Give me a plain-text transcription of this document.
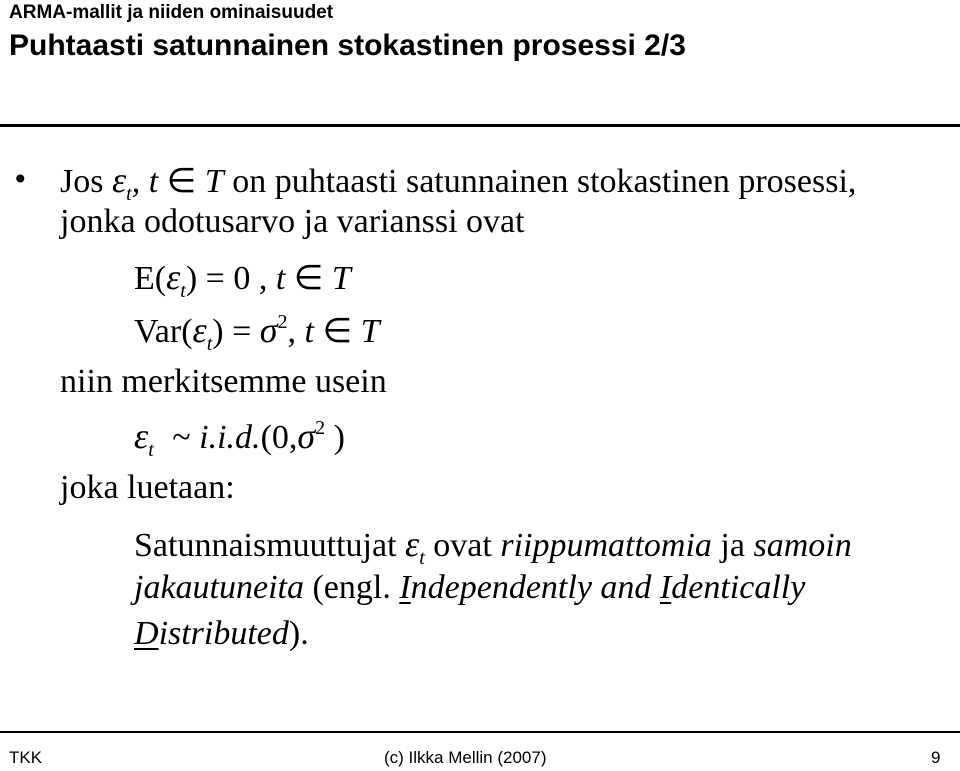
ARMA-mallit ja niiden ominaisuudet
Puhtaasti satunnainen stokastinen prosessi 2/3
• Jos $\varepsilon_t$, t ∈ T on puhtaasti satunnainen stokastinen prosessi,
jonka odotusarvo ja varianssi ovat
$E(\varepsilon_t) = 0$ , t ∈ T
$Var(\varepsilon_t) = \sigma^2$, t ∈ T
niin merkitsemme usein
$\varepsilon_t$ ~ $i.i.d.(0,\sigma^2$ )
joka luetaan:
Satunnaismuuttujat $\varepsilon_t$ ovat riippumattomia ja samoin
jakautuneita (engl. Independently and Identically
Distributed).
TKK	(c) Ilkka Mellin (2007)	9
